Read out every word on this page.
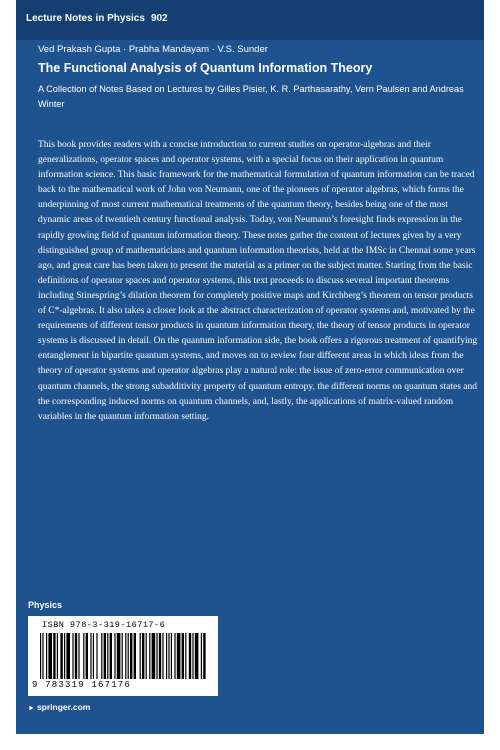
Lecture Notes in Physics 902
Ved Prakash Gupta · Prabha Mandayam · V.S. Sunder
The Functional Analysis of Quantum Information Theory
A Collection of Notes Based on Lectures by Gilles Pisier, K. R. Parthasarathy, Vern Paulsen and Andreas Winter

This book provides readers with a concise introduction to current studies on operator-algebras and their generalizations, operator spaces and operator systems, with a special focus on their application in quantum information science. This basic framework for the mathematical formulation of quantum information can be traced back to the mathematical work of John von Neumann, one of the pioneers of operator algebras, which forms the underpinning of most current mathematical treatments of the quantum theory, besides being one of the most dynamic areas of twentieth century functional analysis. Today, von Neumann’s foresight finds expression in the rapidly growing field of quantum information theory. These notes gather the content of lectures given by a very distinguished group of mathematicians and quantum information theorists, held at the IMSc in Chennai some years ago, and great care has been taken to present the material as a primer on the subject matter. Starting from the basic definitions of operator spaces and operator systems, this text proceeds to discuss several important theorems including Stinespring’s dilation theorem for completely positive maps and Kirchberg’s theorem on tensor products of C*-algebras. It also takes a closer look at the abstract characterization of operator systems and, motivated by the requirements of different tensor products in quantum information theory, the theory of tensor products in operator systems is discussed in detail. On the quantum information side, the book offers a rigorous treatment of quantifying entanglement in bipartite quantum systems, and moves on to review four different areas in which ideas from the theory of operator systems and operator algebras play a natural role: the issue of zero-error communication over quantum channels, the strong subadditivity property of quantum entropy, the different norms on quantum states and the corresponding induced norms on quantum channels, and, lastly, the applications of matrix-valued random variables in the quantum information setting.

Physics
ISBN 978-3-319-16717-6
9 783319 167176
► springer.com
